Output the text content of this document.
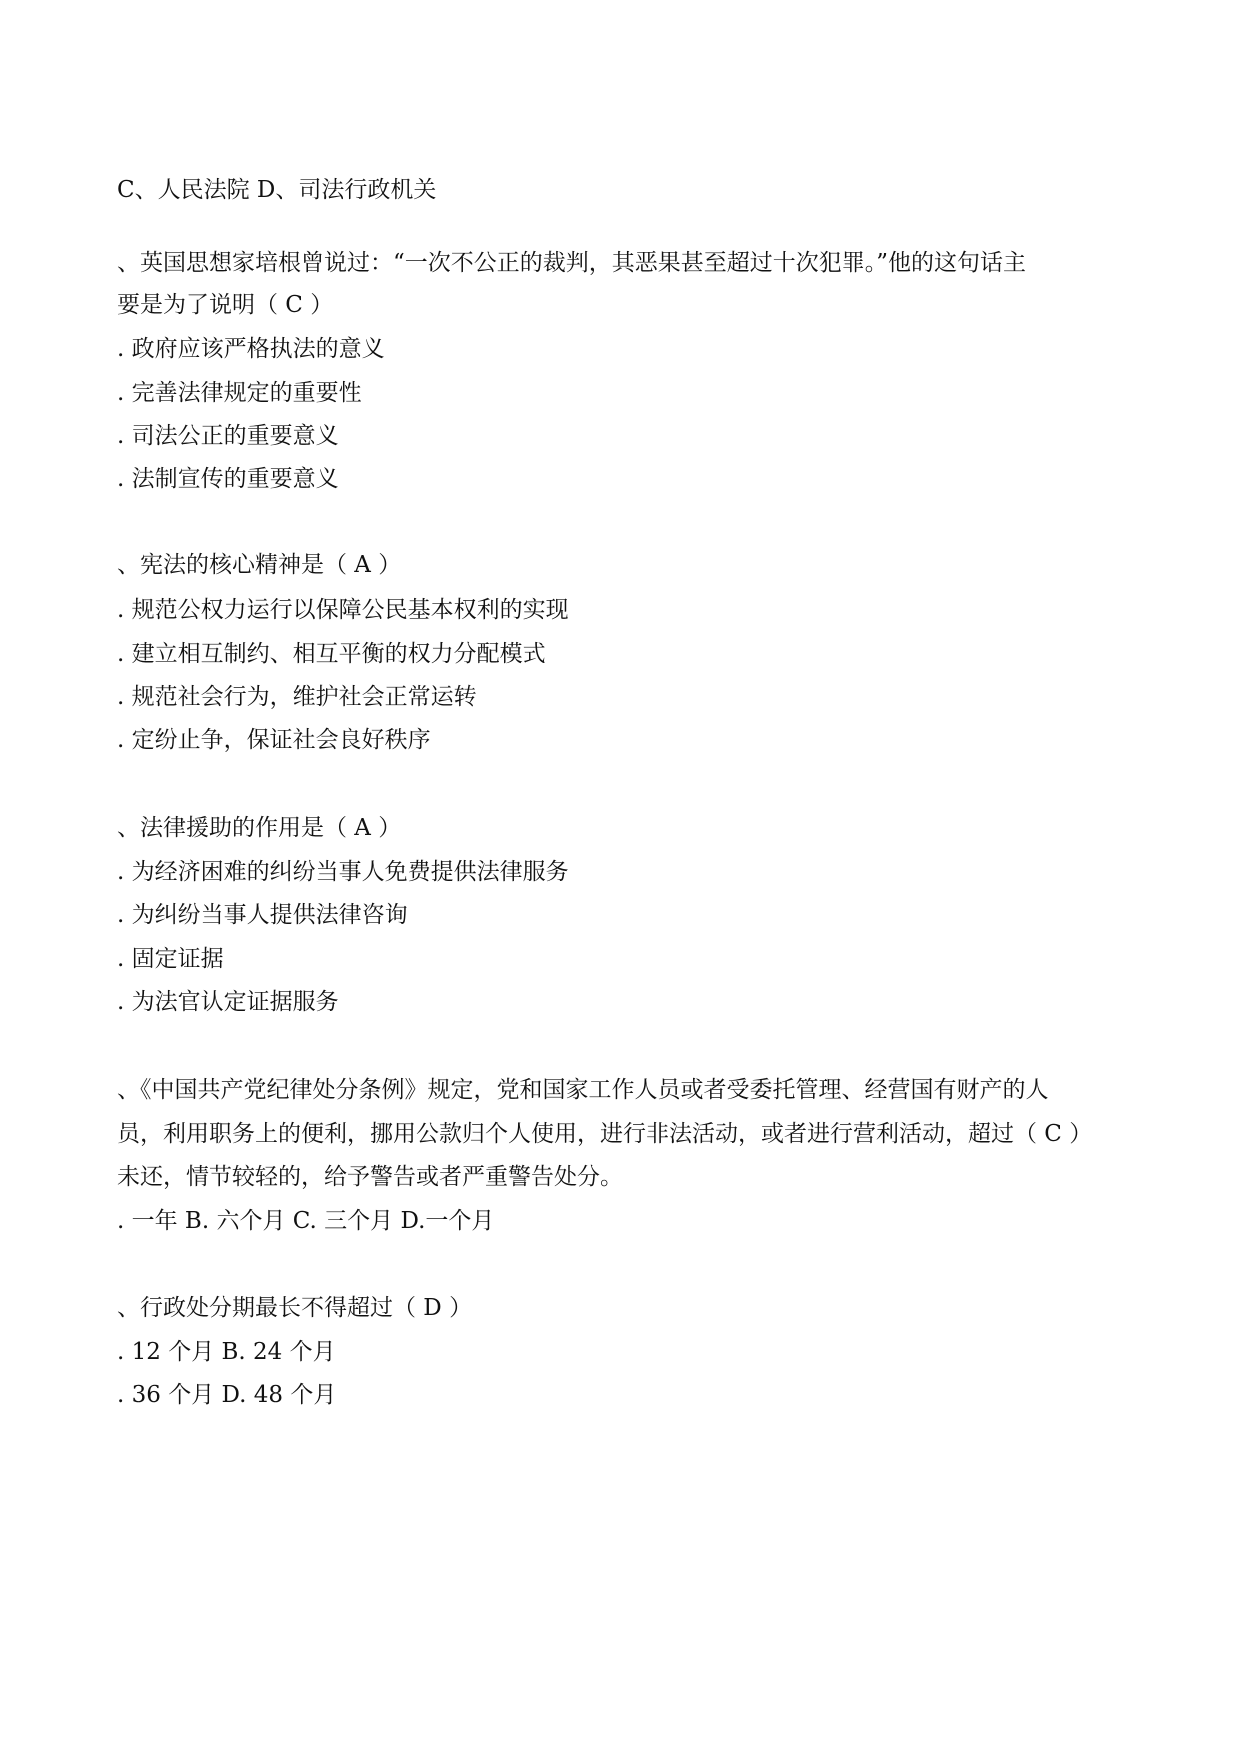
C、人民法院 D、司法行政机关
、英国思想家培根曾说过：“一次不公正的裁判，其恶果甚至超过十次犯罪。”他的这句话主
要是为了说明（ C ）
. 政府应该严格执法的意义
. 完善法律规定的重要性
. 司法公正的重要意义
. 法制宣传的重要意义
、宪法的核心精神是（ A ）
. 规范公权力运行以保障公民基本权利的实现
. 建立相互制约、相互平衡的权力分配模式
. 规范社会行为，维护社会正常运转
. 定纷止争，保证社会良好秩序
、法律援助的作用是（ A ）
. 为经济困难的纠纷当事人免费提供法律服务
. 为纠纷当事人提供法律咨询
. 固定证据
. 为法官认定证据服务
、《中国共产党纪律处分条例》规定，党和国家工作人员或者受委托管理、经营国有财产的人
员，利用职务上的便利，挪用公款归个人使用，进行非法活动，或者进行营利活动，超过（ C ）
未还，情节较轻的，给予警告或者严重警告处分。
. 一年 B. 六个月 C. 三个月 D.一个月
、行政处分期最长不得超过（ D ）
. 12 个月 B. 24 个月
. 36 个月 D. 48 个月
